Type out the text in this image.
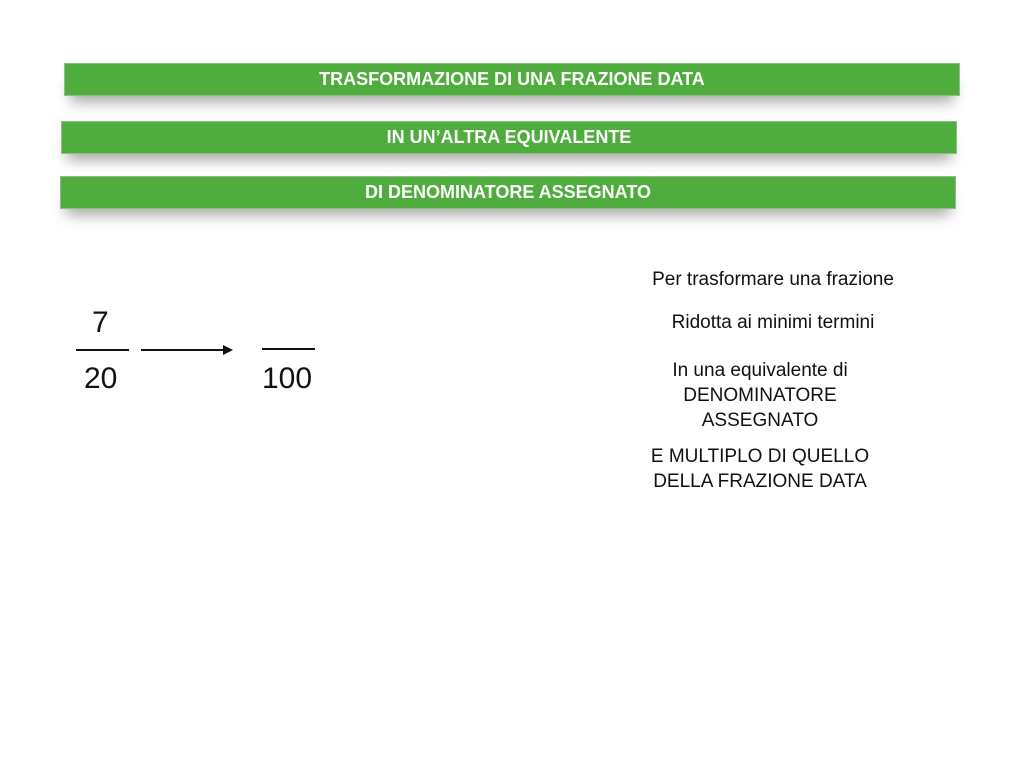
TRASFORMAZIONE DI UNA FRAZIONE DATA
IN UN’ALTRA EQUIVALENTE
DI DENOMINATORE ASSEGNATO
7
20	100
Per trasformare una frazione
Ridotta ai minimi termini
In una equivalente di
DENOMINATORE
ASSEGNATO
E MULTIPLO DI QUELLO
DELLA FRAZIONE DATA
